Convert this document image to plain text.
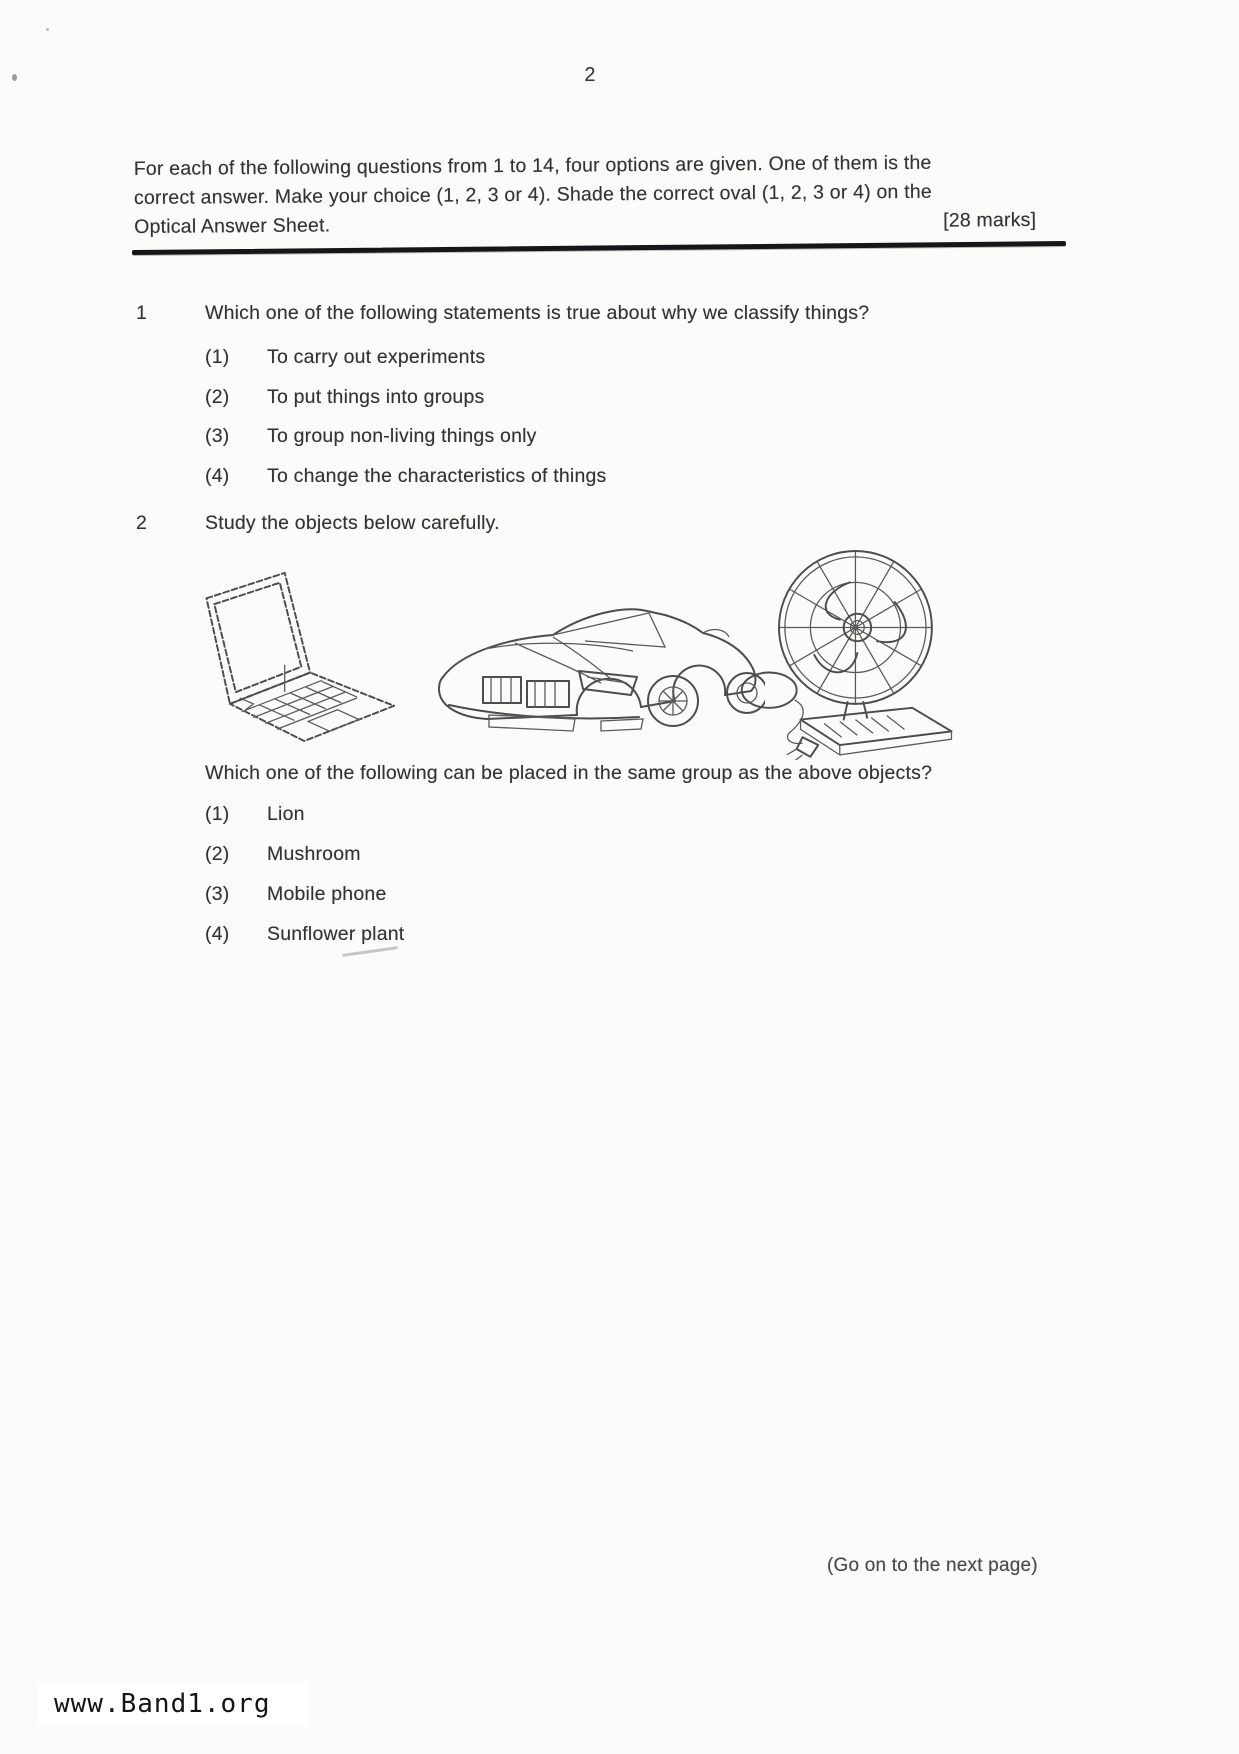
2
For each of the following questions from 1 to 14, four options are given. One of them is the
correct answer. Make your choice (1, 2, 3 or 4). Shade the correct oval (1, 2, 3 or 4) on the
Optical Answer Sheet.	[28 marks]
1	Which one of the following statements is true about why we classify things?
(1)	To carry out experiments
(2)	To put things into groups
(3)	To group non-living things only
(4)	To change the characteristics of things
2	Study the objects below carefully.
Which one of the following can be placed in the same group as the above objects?
(1)	Lion
(2)	Mushroom
(3)	Mobile phone
(4)	Sunflower plant
(Go on to the next page)
www.Band1.org
